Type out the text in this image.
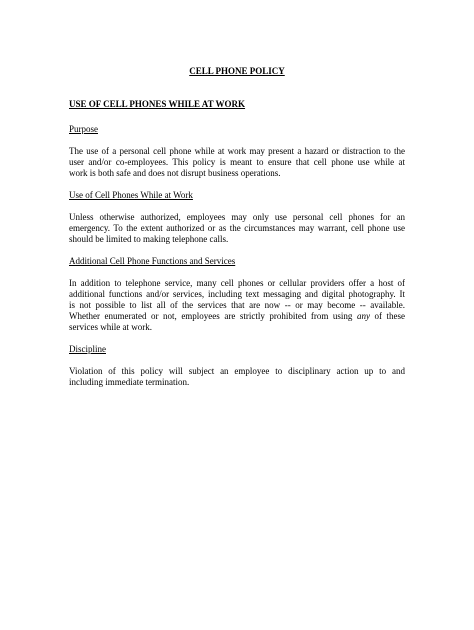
CELL PHONE POLICY
USE OF CELL PHONES WHILE AT WORK
Purpose
The use of a personal cell phone while at work may present a hazard or distraction to the
user and/or co-employees. This policy is meant to ensure that cell phone use while at
work is both safe and does not disrupt business operations.
Use of Cell Phones While at Work
Unless otherwise authorized, employees may only use personal cell phones for an
emergency. To the extent authorized or as the circumstances may warrant, cell phone use
should be limited to making telephone calls.
Additional Cell Phone Functions and Services
In addition to telephone service, many cell phones or cellular providers offer a host of
additional functions and/or services, including text messaging and digital photography. It
is not possible to list all of the services that are now -- or may become -- available.
Whether enumerated or not, employees are strictly prohibited from using any of these
services while at work.
Discipline
Violation of this policy will subject an employee to disciplinary action up to and
including immediate termination.
